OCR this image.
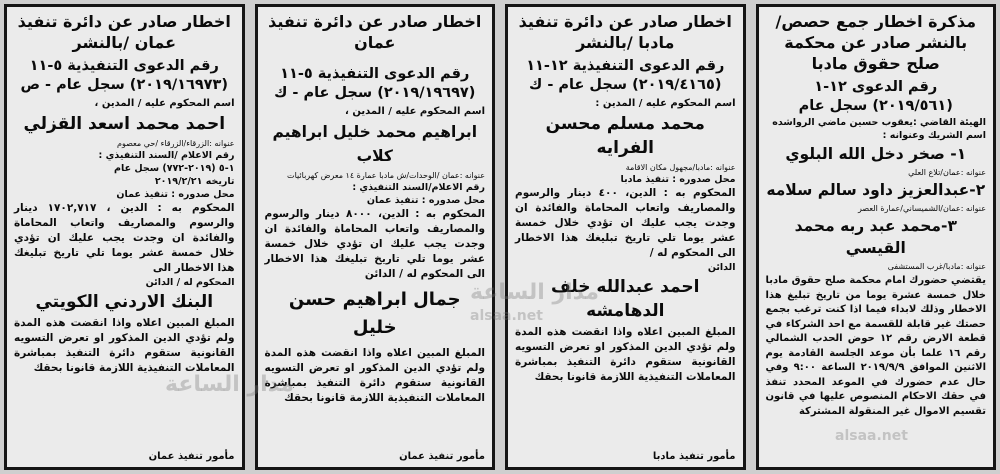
مذكرة اخطار جمع حصص/ بالنشر صادر عن محكمة صلح حقوق مادبا
رقم الدعوى ١٢-١
(٢٠١٩/٥٦١) سجل عام
الهيئة القاضي :يعقوب حسين ماضي الرواشده
اسم الشريك وعنوانه :
١- صخر دخل الله البلوي
عنوانه :عمان/تلاع العلي
٢-عبدالعزيز داود سالم سلامه
عنوانه :عمان/الشميساني/عمارة العصر
٣-محمد عبد ربه محمد القيسي
عنوانه :مادبا/غرب المستشفى
يقتضي حضورك امام محكمة صلح حقوق مادبا خلال خمسة عشرة يوما من تاريخ تبليغ هذا الاخطار وذلك لابداء فيما اذا كنت ترغب بجمع حصتك غير قابلة للقسمة مع احد الشركاء في قطعة الارض رقم ١٢ حوض الحدب الشمالي رقم ١٦ علما بأن موعد الجلسة القادمة يوم الاثنين الموافق ٢٠١٩/٩/٩ الساعة ٩:٠٠ وفي حال عدم حضورك في الموعد المحدد تنفذ في حقك الاحكام المنصوص عليها في قانون تقسيم الاموال غير المنقولة المشتركة
اخطار صادر عن دائرة تنفيذ مادبا /بالنشر
رقم الدعوى التنفيذية ١٢-١١
(٢٠١٩/٤١٦٥) سجل عام - ك
اسم المحكوم عليه / المدين :
محمد مسلم محسن الفرايه
عنوانه :مادبا/مجهول مكان الاقامة
محل صدوره : تنفيذ مادبا
المحكوم به : الدين، ٤٠٠ دينار والرسوم والمصاريف واتعاب المحاماة والفائدة ان وجدت يجب عليك ان تؤدي خلال خمسة عشر يوما تلي تاريخ تبليغك هذا الاخطار الى المحكوم له /
الدائن
احمد عبدالله خلف الدهامشه
المبلغ المبين اعلاه واذا انقضت هذه المدة ولم تؤدي الدين المذكور او تعرض التسويه القانونية ستقوم دائرة التنفيذ بمباشرة المعاملات التنفيذية اللازمة قانونا بحقك
مأمور تنفيذ مادبا
اخطار صادر عن دائرة تنفيذ عمان
رقم الدعوى التنفيذية ٥-١١
(٢٠١٩/١٩٦٩٧) سجل عام - ك
اسم المحكوم عليه / المدين ،
ابراهيم محمد خليل ابراهيم كلاب
عنوانه :عمان /الوحدات/ش مادبا عمارة ١٤ معرض كهربائيات
رقم الاعلام/السند التنفيذي :
محل صدوره : تنفيذ عمان
المحكوم به : الدين، ٨٠٠٠ دينار والرسوم والمصاريف واتعاب المحاماة والفائدة ان وجدت يجب عليك ان تؤدي خلال خمسة عشر يوما تلي تاريخ تبليغك هذا الاخطار الى المحكوم له / الدائن
جمال ابراهيم حسن خليل
المبلغ المبين اعلاه واذا انقضت هذه المدة ولم تؤدي الدين المذكور او تعرض التسويه القانونية ستقوم دائرة التنفيذ بمباشرة المعاملات التنفيذية اللازمة قانونا بحقك
مأمور تنفيذ عمان
اخطار صادر عن دائرة تنفيذ عمان /بالنشر
رقم الدعوى التنفيذية ٥-١١
(٢٠١٩/١٦٩٧٣) سجل عام - ص
اسم المحكوم عليه / المدين ،
احمد محمد اسعد القزلي
عنوانه :الزرقاء/الزرقاء /حي معصوم
رقم الاعلام /السند التنفيذي :
١-٥ (٢٠١٩-٧٧٢) سجل عام
تاريخه ٢٠١٩/٢/٢١
محل صدوره : تنفيذ عمان
المحكوم به : الدين ، ١٧٠٢,٧١٧ دينار والرسوم والمصاريف واتعاب المحاماة والفائدة ان وجدت يجب عليك ان تؤدي خلال خمسة عشر يوما تلي تاريخ تبليغك هذا الاخطار الى
المحكوم له / الدائن
البنك الاردني الكويتي
المبلغ المبين اعلاه واذا انقضت هذه المدة ولم تؤدي الدين المذكور او تعرض التسويه القانونية ستقوم دائرة التنفيذ بمباشرة المعاملات التنفيذية اللازمة قانونا بحقك
مأمور تنفيذ عمان
مدار الساعة
alsaa.net
مدار الساعة
alsaa.net
